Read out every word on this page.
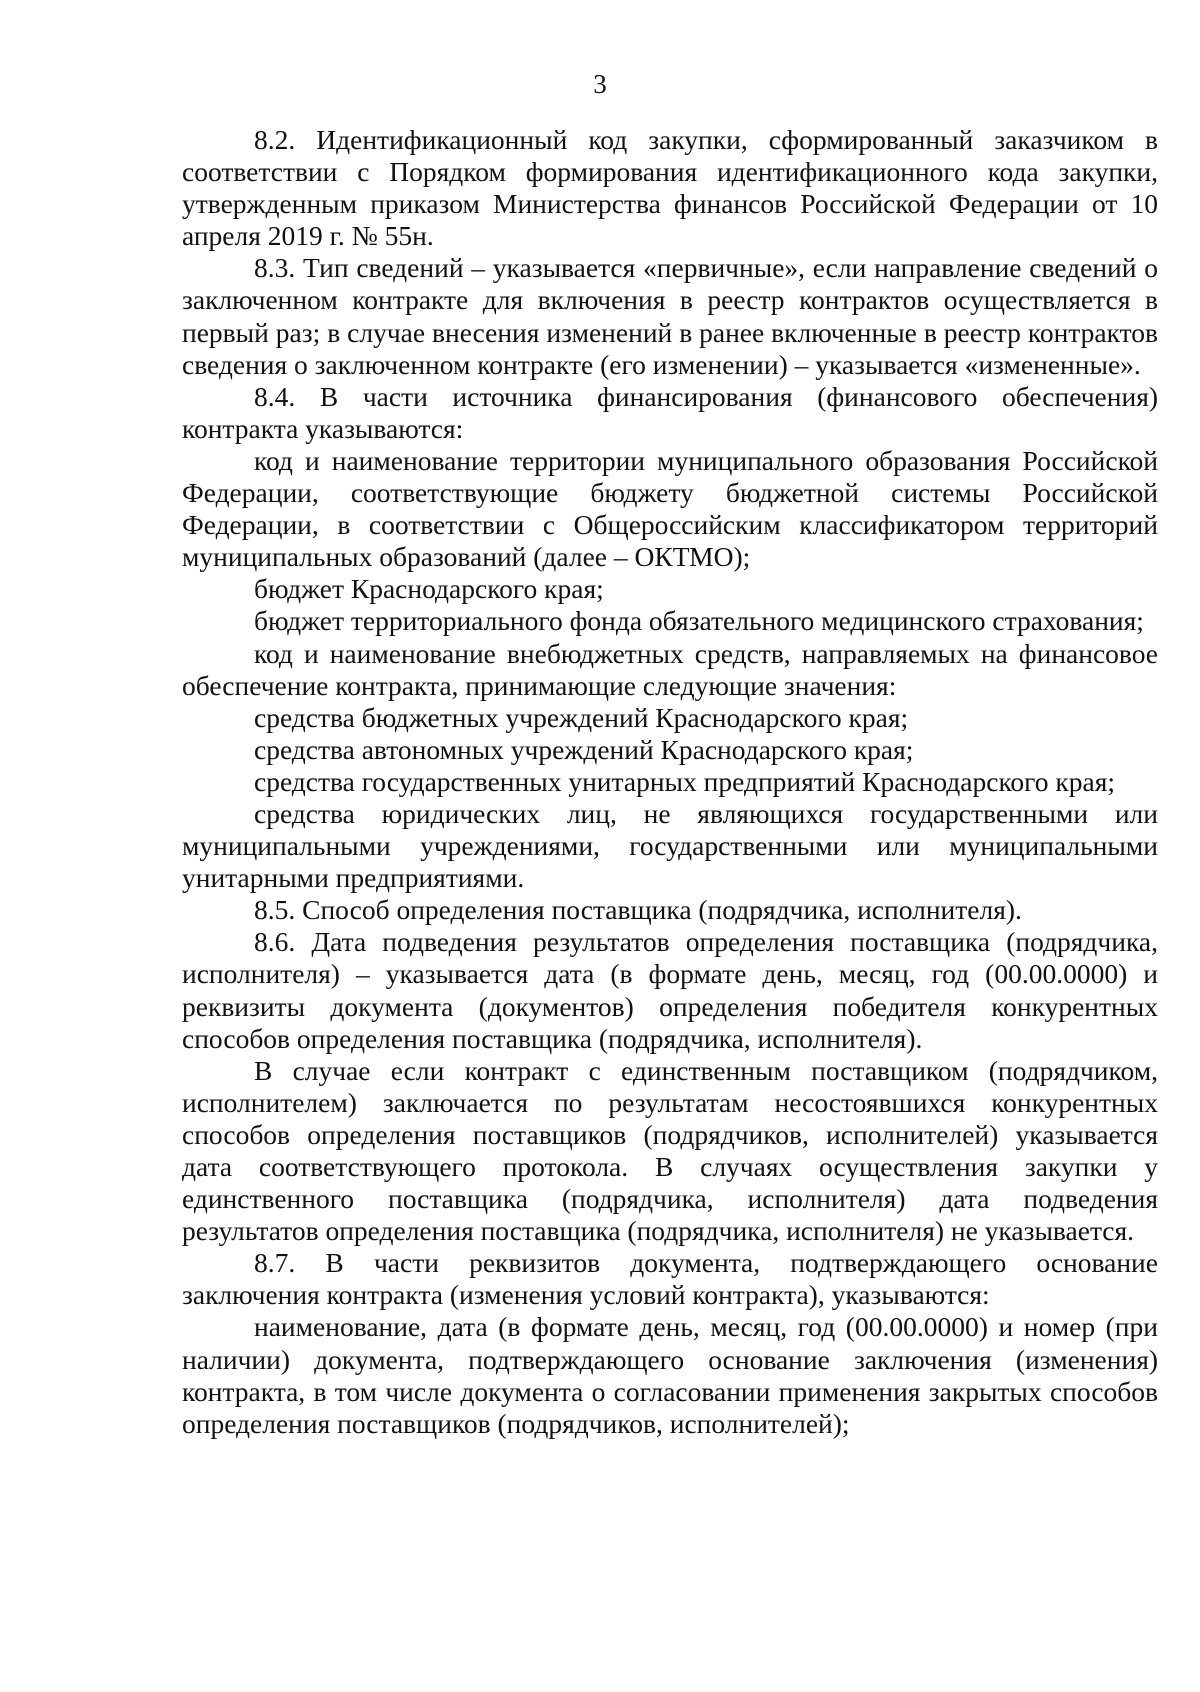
3

8.2. Идентификационный код закупки, сформированный заказчиком в соответствии с Порядком формирования идентификационного кода закупки, утвержденным приказом Министерства финансов Российской Федерации от 10 апреля 2019 г. № 55н.

8.3. Тип сведений – указывается «первичные», если направление сведений о заключенном контракте для включения в реестр контрактов осуществляется в первый раз; в случае внесения изменений в ранее включенные в реестр контрактов сведения о заключенном контракте (его изменении) – указывается «измененные».

8.4. В части источника финансирования (финансового обеспечения) контракта указываются:

код и наименование территории муниципального образования Российской Федерации, соответствующие бюджету бюджетной системы Российской Федерации, в соответствии с Общероссийским классификатором территорий муниципальных образований (далее – ОКТМО);

бюджет Краснодарского края;

бюджет территориального фонда обязательного медицинского страхования;

код и наименование внебюджетных средств, направляемых на финансовое обеспечение контракта, принимающие следующие значения:

средства бюджетных учреждений Краснодарского края;

средства автономных учреждений Краснодарского края;

средства государственных унитарных предприятий Краснодарского края;

средства юридических лиц, не являющихся государственными или муниципальными учреждениями, государственными или муниципальными унитарными предприятиями.

8.5. Способ определения поставщика (подрядчика, исполнителя).

8.6. Дата подведения результатов определения поставщика (подрядчика, исполнителя) – указывается дата (в формате день, месяц, год (00.00.0000) и реквизиты документа (документов) определения победителя конкурентных способов определения поставщика (подрядчика, исполнителя).

В случае если контракт с единственным поставщиком (подрядчиком, исполнителем) заключается по результатам несостоявшихся конкурентных способов определения поставщиков (подрядчиков, исполнителей) указывается дата соответствующего протокола. В случаях осуществления закупки у единственного поставщика (подрядчика, исполнителя) дата подведения результатов определения поставщика (подрядчика, исполнителя) не указывается.

8.7. В части реквизитов документа, подтверждающего основание заключения контракта (изменения условий контракта), указываются:

наименование, дата (в формате день, месяц, год (00.00.0000) и номер (при наличии) документа, подтверждающего основание заключения (изменения) контракта, в том числе документа о согласовании применения закрытых способов определения поставщиков (подрядчиков, исполнителей);
